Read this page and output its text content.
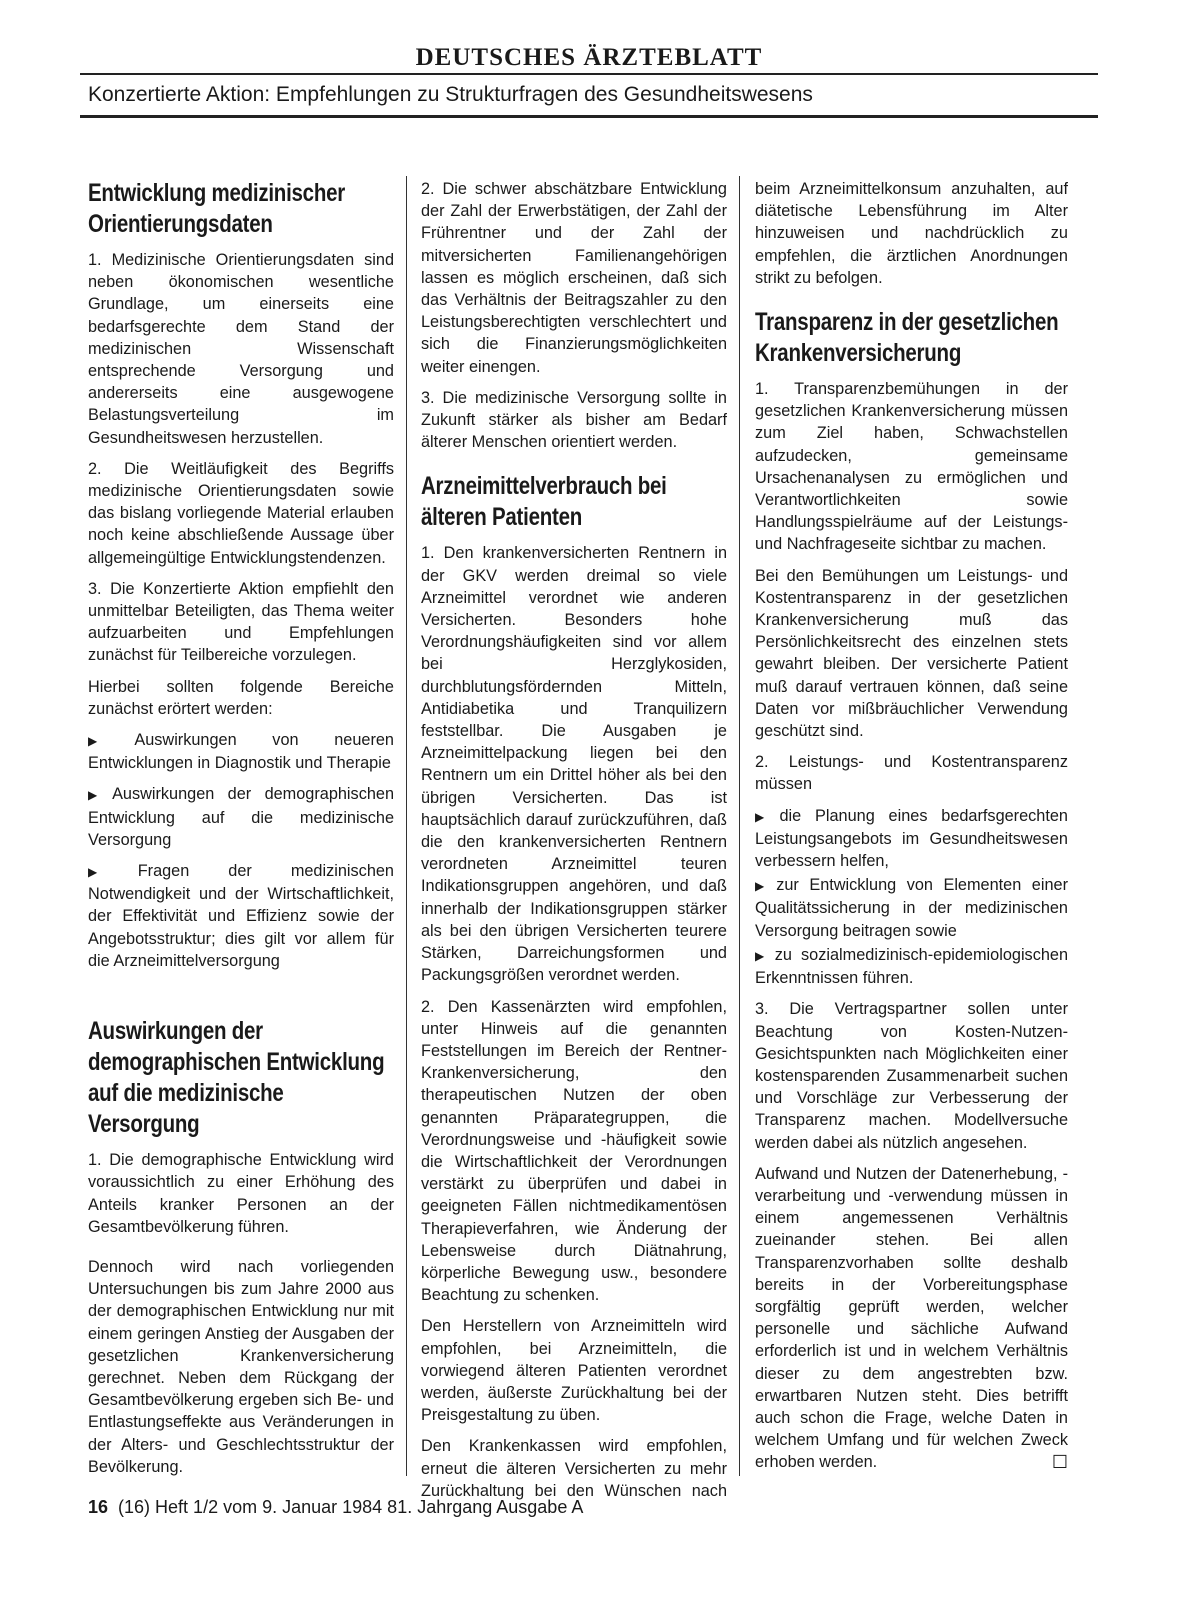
DEUTSCHES ÄRZTEBLATT
Konzertierte Aktion: Empfehlungen zu Strukturfragen des Gesundheitswesens
Entwicklung medizinischer Orientierungsdaten

1. Medizinische Orientierungsdaten sind neben ökonomischen wesentliche Grundlage, um einerseits eine bedarfsgerechte dem Stand der medizinischen Wissenschaft entsprechende Versorgung und andererseits eine ausgewogene Belastungsverteilung im Gesundheitswesen herzustellen.

2. Die Weitläufigkeit des Begriffs medizinische Orientierungsdaten sowie das bislang vorliegende Material erlauben noch keine abschließende Aussage über allgemeingültige Entwicklungstendenzen.

3. Die Konzertierte Aktion empfiehlt den unmittelbar Beteiligten, das Thema weiter aufzuarbeiten und Empfehlungen zunächst für Teilbereiche vorzulegen.

Hierbei sollten folgende Bereiche zunächst erörtert werden:

▶ Auswirkungen von neueren Entwicklungen in Diagnostik und Therapie

▶ Auswirkungen der demographischen Entwicklung auf die medizinische Versorgung

▶ Fragen der medizinischen Notwendigkeit und der Wirtschaftlichkeit, der Effektivität und Effizienz sowie der Angebotsstruktur; dies gilt vor allem für die Arzneimittelversorgung

Auswirkungen der demographischen Entwicklung auf die medizinische Versorgung

1. Die demographische Entwicklung wird voraussichtlich zu einer Erhöhung des Anteils kranker Personen an der Gesamtbevölkerung führen.

Dennoch wird nach vorliegenden Untersuchungen bis zum Jahre 2000 aus der demographischen Entwicklung nur mit einem geringen Anstieg der Ausgaben der gesetzlichen Krankenversicherung gerechnet. Neben dem Rückgang der Gesamtbevölkerung ergeben sich Be- und Entlastungseffekte aus Veränderungen in der Alters- und Geschlechtsstruktur der Bevölkerung.

2. Die schwer abschätzbare Entwicklung der Zahl der Erwerbstätigen, der Zahl der Frührentner und der Zahl der mitversicherten Familienangehörigen lassen es möglich erscheinen, daß sich das Verhältnis der Beitragszahler zu den Leistungsberechtigten verschlechtert und sich die Finanzierungsmöglichkeiten weiter einengen.

3. Die medizinische Versorgung sollte in Zukunft stärker als bisher am Bedarf älterer Menschen orientiert werden.

Arzneimittelverbrauch bei älteren Patienten

1. Den krankenversicherten Rentnern in der GKV werden dreimal so viele Arzneimittel verordnet wie anderen Versicherten. Besonders hohe Verordnungshäufigkeiten sind vor allem bei Herzglykosiden, durchblutungsfördernden Mitteln, Antidiabetika und Tranquilizern feststellbar. Die Ausgaben je Arzneimittelpackung liegen bei den Rentnern um ein Drittel höher als bei den übrigen Versicherten. Das ist hauptsächlich darauf zurückzuführen, daß die den krankenversicherten Rentnern verordneten Arzneimittel teuren Indikationsgruppen angehören, und daß innerhalb der Indikationsgruppen stärker als bei den übrigen Versicherten teurere Stärken, Darreichungsformen und Packungsgrößen verordnet werden.

2. Den Kassenärzten wird empfohlen, unter Hinweis auf die genannten Feststellungen im Bereich der Rentner-Krankenversicherung, den therapeutischen Nutzen der oben genannten Präparategruppen, die Verordnungsweise und -häufigkeit sowie die Wirtschaftlichkeit der Verordnungen verstärkt zu überprüfen und dabei in geeigneten Fällen nichtmedikamentösen Therapieverfahren, wie Änderung der Lebensweise durch Diätnahrung, körperliche Bewegung usw., besondere Beachtung zu schenken.

Den Herstellern von Arzneimitteln wird empfohlen, bei Arzneimitteln, die vorwiegend älteren Patienten verordnet werden, äußerste Zurückhaltung bei der Preisgestaltung zu üben.

Den Krankenkassen wird empfohlen, erneut die älteren Versicherten zu mehr Zurückhaltung bei den Wünschen nach

beim Arzneimittelkonsum anzuhalten, auf diätetische Lebensführung im Alter hinzuweisen und nachdrücklich zu empfehlen, die ärztlichen Anordnungen strikt zu befolgen.

Transparenz in der gesetzlichen Krankenversicherung

1. Transparenzbemühungen in der gesetzlichen Krankenversicherung müssen zum Ziel haben, Schwachstellen aufzudecken, gemeinsame Ursachenanalysen zu ermöglichen und Verantwortlichkeiten sowie Handlungsspielräume auf der Leistungs- und Nachfrageseite sichtbar zu machen.

Bei den Bemühungen um Leistungs- und Kostentransparenz in der gesetzlichen Krankenversicherung muß das Persönlichkeitsrecht des einzelnen stets gewahrt bleiben. Der versicherte Patient muß darauf vertrauen können, daß seine Daten vor mißbräuchlicher Verwendung geschützt sind.

2. Leistungs- und Kostentransparenz müssen

▶ die Planung eines bedarfsgerechten Leistungsangebots im Gesundheitswesen verbessern helfen,

▶ zur Entwicklung von Elementen einer Qualitätssicherung in der medizinischen Versorgung beitragen sowie

▶ zu sozialmedizinisch-epidemiologischen Erkenntnissen führen.

3. Die Vertragspartner sollen unter Beachtung von Kosten-Nutzen-Gesichtspunkten nach Möglichkeiten einer kostensparenden Zusammenarbeit suchen und Vorschläge zur Verbesserung der Transparenz machen. Modellversuche werden dabei als nützlich angesehen.

Aufwand und Nutzen der Datenerhebung, -verarbeitung und -verwendung müssen in einem angemessenen Verhältnis zueinander stehen. Bei allen Transparenzvorhaben sollte deshalb bereits in der Vorbereitungsphase sorgfältig geprüft werden, welcher personelle und sächliche Aufwand erforderlich ist und in welchem Verhältnis dieser zu dem angestrebten bzw. erwartbaren Nutzen steht. Dies betrifft auch schon die Frage, welche Daten in welchem Umfang und für welchen Zweck erhoben werden.	☐

16 (16) Heft 1/2 vom 9. Januar 1984 81. Jahrgang Ausgabe A
